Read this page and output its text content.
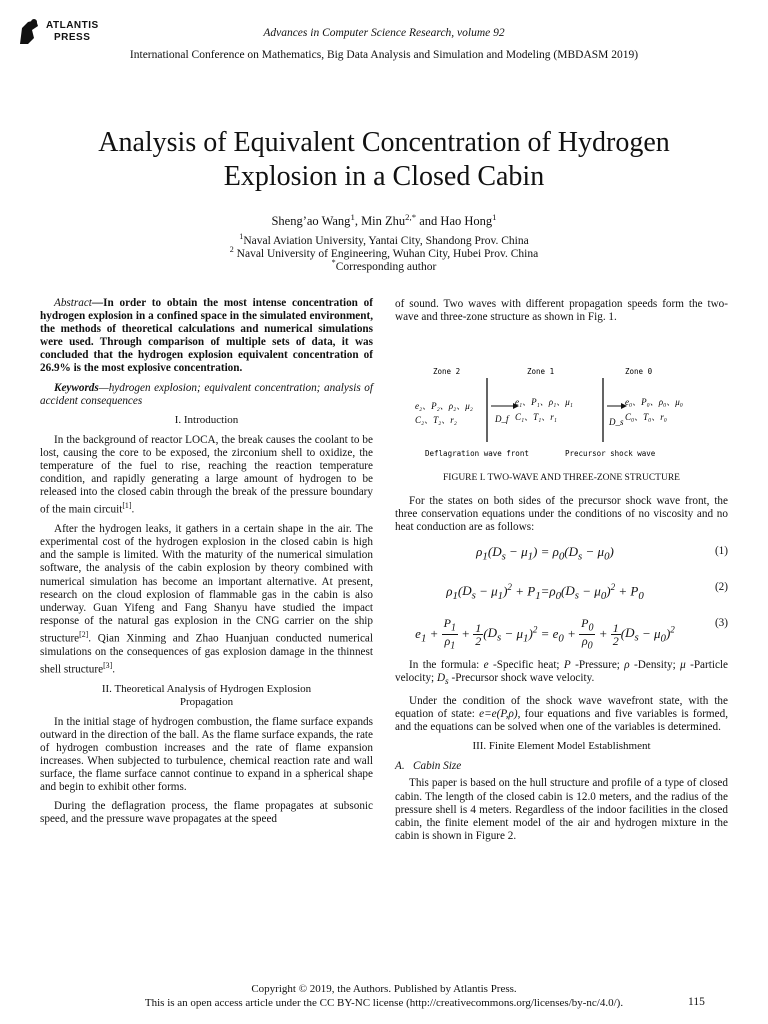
ATLANTIS
PRESS	Advances in Computer Science Research, volume 92
International Conference on Mathematics, Big Data Analysis and Simulation and Modeling (MBDASM 2019)
Analysis of Equivalent Concentration of Hydrogen
Explosion in a Closed Cabin
Sheng’ao Wang$^1$, Min Zhu$^{2,*}$ and Hao Hong$^1$
$^1$Naval Aviation University, Yantai City, Shandong Prov. China
$^2$ Naval University of Engineering, Wuhan City, Hubei Prov. China
*Corresponding author

Abstract—In order to obtain the most intense concentration of hydrogen explosion in a confined space in the simulated environment, the methods of theoretical calculations and numerical simulations were used. Through comparison of multiple sets of data, it was concluded that the hydrogen explosion equivalent concentration of 26.9% is the most explosive concentration.

Keywords—hydrogen explosion; equivalent concentration; analysis of accident consequences

I. Introduction

In the background of reactor LOCA, the break causes the coolant to be lost, causing the core to be exposed, the zirconium shell to oxidize, the temperature of the fuel to rise, reaching the reaction temperature condition, and rapidly generating a large amount of hydrogen to be released into the closed cabin through the break of the pressure boundary of the main circuit[1].

After the hydrogen leaks, it gathers in a certain shape in the air. The experimental cost of the hydrogen explosion in the closed cabin is high and the sample is limited. With the maturity of the numerical simulation software, the analysis of the cabin explosion by theory combined with numerical simulation has become an important alternative. At present, research on the cloud explosion of flammable gas in the cabin is also underway. Guan Yifeng and Fang Shanyu have studied the impact response of the natural gas explosion in the CNG carrier on the ship structure[2]. Qian Xinming and Zhao Huanjuan conducted numerical simulations on the consequences of gas explosion damage in the thinnest shell structure[3].

II. Theoretical Analysis of Hydrogen Explosion
Propagation

In the initial stage of hydrogen combustion, the flame surface expands outward in the direction of the ball. As the flame surface expands, the rate of hydrogen combustion increases and the rate of flame expansion increases. When subjected to turbulence, chemical reaction rate and wall surface, the flame surface cannot continue to expand in a spherical shape and begin to exhibit other forms.

During the deflagration process, the flame propagates at subsonic speed, and the pressure wave propagates at the speed

of sound. Two waves with different propagation speeds form the two-wave and three-zone structure as shown in Fig. 1.

Zone 2	Zone 1	Zone 0
e₂、P₂、ρ₂、μ₂
C₂、T₂、r₂
e₁、P₁、ρ₁、μ₁
C₁、T₁、r₁
D_f
e₀、P₀、ρ₀、μ₀
C₀、T₀、r₀
D_s
Deflagration wave front	Precursor shock wave
FIGURE I. TWO-WAVE AND THREE-ZONE STRUCTURE

For the states on both sides of the precursor shock wave front, the three conservation equations under the conditions of no viscosity and no heat conduction are as follows:

$\rho_1(D_s - \mu_1) = \rho_0(D_s - \mu_0)$	(1)
$\rho_1(D_s - \mu_1)^2 + P_1=\rho_0(D_s - \mu_0)^2 + P_0$
(2)
$e_1 + \frac{P_1}{\rho_1} + \frac{1}{2} (D_s - \mu_1)^2 = e_0 + \frac{P_0}{\rho_0} + \frac{1}{2} (D_s - \mu_0)^2$
(3)

In the formula: e -Specific heat; P -Pressure; ρ -Density; μ -Particle velocity; $D_s$ -Precursor shock wave velocity.

Under the condition of the shock wave wavefront state, with the equation of state: e=e(P,ρ), four equations and five variables is formed, and the equations can be solved when one of the variables is determined.

III. Finite Element Model Establishment
A. Cabin Size

This paper is based on the hull structure and profile of a type of closed cabin. The length of the closed cabin is 12.0 meters, and the radius of the pressure shell is 4 meters. Regardless of the indoor facilities in the closed cabin, the finite element model of the air and hydrogen mixture in the cabin is shown in Figure 2.

Copyright © 2019, the Authors. Published by Atlantis Press.
This is an open access article under the CC BY-NC license (http://creativecommons.org/licenses/by-nc/4.0/).	115
